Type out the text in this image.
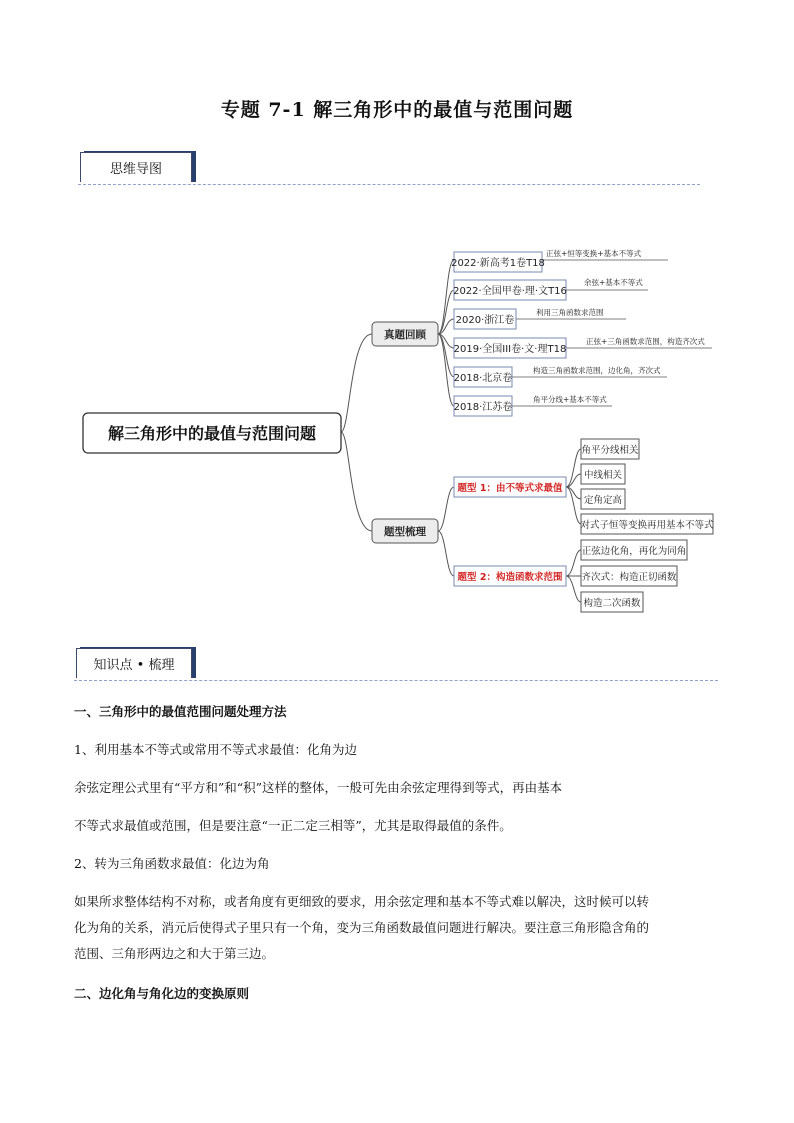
专题 7-1 解三角形中的最值与范围问题
思维导图
解三角形中的最值与范围问题
真题回顾
题型梳理
2022·新高考1卷T18
正弦+恒等变换+基本不等式
2022·全国甲卷·理·文T16
余弦+基本不等式
2020·浙江卷
利用三角函数求范围
2019·全国III卷·文·理T18
正弦+三角函数求范围，构造齐次式
2018·北京卷
构造三角函数求范围，边化角，齐次式
2018·江苏卷
角平分线+基本不等式
题型 1：由不等式求最值
题型 2：构造函数求范围
角平分线相关
中线相关
定角定高
对式子恒等变换再用基本不等式
正弦边化角，再化为同角
齐次式：构造正切函数
构造二次函数
知识点 • 梳理
一、三角形中的最值范围问题处理方法
1、利用基本不等式或常用不等式求最值：化角为边
余弦定理公式里有“平方和”和“积”这样的整体，一般可先由余弦定理得到等式，再由基本
不等式求最值或范围，但是要注意“一正二定三相等”，尤其是取得最值的条件。
2、转为三角函数求最值：化边为角
如果所求整体结构不对称，或者角度有更细致的要求，用余弦定理和基本不等式难以解决，这时候可以转
化为角的关系，消元后使得式子里只有一个角，变为三角函数最值问题进行解决。要注意三角形隐含角的
范围、三角形两边之和大于第三边。
二、边化角与角化边的变换原则
